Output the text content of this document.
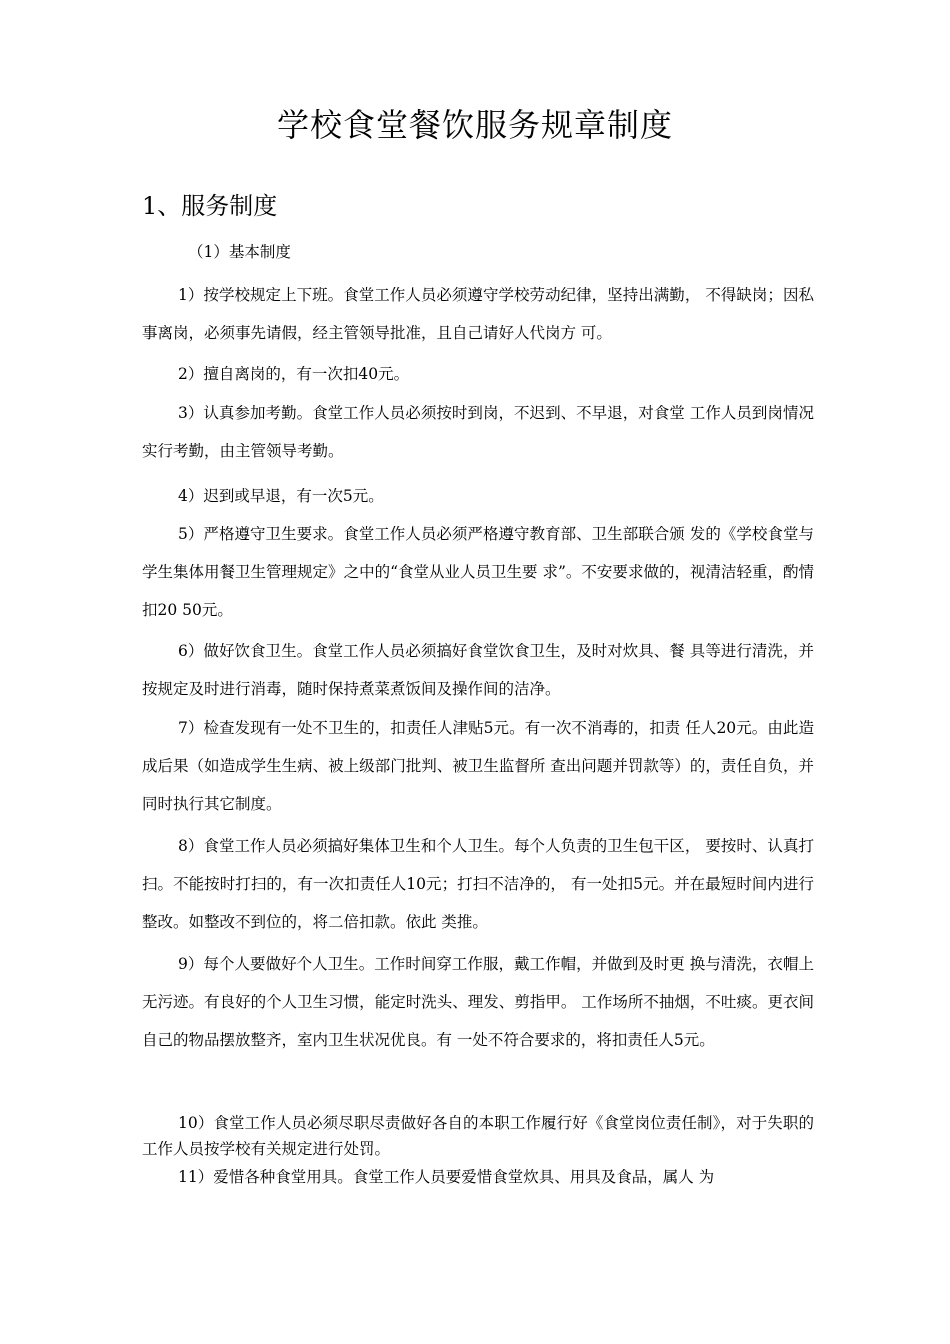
学校食堂餐饮服务规章制度
1、服务制度
（1）基本制度

1）按学校规定上下班。食堂工作人员必须遵守学校劳动纪律，坚持出满勤， 不得缺岗；因私事离岗，必须事先请假，经主管领导批准，且自己请好人代岗方 可。

2）擅自离岗的，有一次扣40元。

3）认真参加考勤。食堂工作人员必须按时到岗，不迟到、不早退，对食堂 工作人员到岗情况实行考勤，由主管领导考勤。

4）迟到或早退，有一次5元。

5）严格遵守卫生要求。食堂工作人员必须严格遵守教育部、卫生部联合颁 发的《学校食堂与学生集体用餐卫生管理规定》之中的“食堂从业人员卫生要 求”。不安要求做的，视清洁轻重，酌情扣20 50元。

6）做好饮食卫生。食堂工作人员必须搞好食堂饮食卫生，及时对炊具、餐 具等进行清洗，并按规定及时进行消毒，随时保持煮菜煮饭间及操作间的洁净。

7）检查发现有一处不卫生的，扣责任人津贴5元。有一次不消毒的，扣责 任人20元。由此造成后果（如造成学生生病、被上级部门批判、被卫生监督所 查出问题并罚款等）的，责任自负，并同时执行其它制度。

8）食堂工作人员必须搞好集体卫生和个人卫生。每个人负责的卫生包干区， 要按时、认真打扫。不能按时打扫的，有一次扣责任人10元；打扫不洁净的， 有一处扣5元。并在最短时间内进行整改。如整改不到位的，将二倍扣款。依此 类推。

9）每个人要做好个人卫生。工作时间穿工作服，戴工作帽，并做到及时更 换与清洗，衣帽上无污迹。有良好的个人卫生习惯，能定时洗头、理发、剪指甲。 工作场所不抽烟，不吐痰。更衣间自己的物品摆放整齐，室内卫生状况优良。有 一处不符合要求的，将扣责任人5元。

10）食堂工作人员必须尽职尽责做好各自的本职工作履行好《食堂岗位责任制》，对于失职的工作人员按学校有关规定进行处罚。

11）爱惜各种食堂用具。食堂工作人员要爱惜食堂炊具、用具及食品，属人 为
